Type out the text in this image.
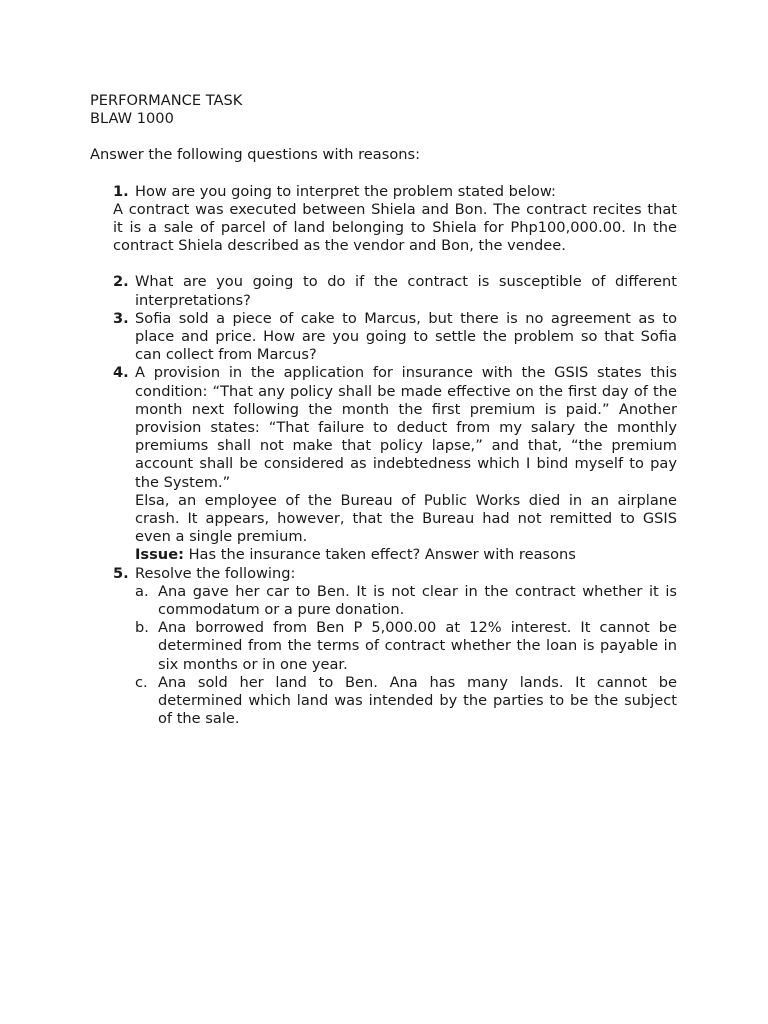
PERFORMANCE TASK
BLAW 1000
Answer the following questions with reasons:
1. How are you going to interpret the problem stated below:
A contract was executed between Shiela and Bon. The contract recites that it is a sale of parcel of land belonging to Shiela for Php100,000.00. In the contract Shiela described as the vendor and Bon, the vendee.
2. What are you going to do if the contract is susceptible of different interpretations?
3. Sofia sold a piece of cake to Marcus, but there is no agreement as to place and price. How are you going to settle the problem so that Sofia can collect from Marcus?
4. A provision in the application for insurance with the GSIS states this condition: “That any policy shall be made effective on the first day of the month next following the month the first premium is paid.” Another provision states: “That failure to deduct from my salary the monthly premiums shall not make that policy lapse,” and that, “the premium account shall be considered as indebtedness which I bind myself to pay the System.”
Elsa, an employee of the Bureau of Public Works died in an airplane crash. It appears, however, that the Bureau had not remitted to GSIS even a single premium.
Issue: Has the insurance taken effect? Answer with reasons
5. Resolve the following:
a. Ana gave her car to Ben. It is not clear in the contract whether it is commodatum or a pure donation.
b. Ana borrowed from Ben P 5,000.00 at 12% interest. It cannot be determined from the terms of contract whether the loan is payable in six months or in one year.
c. Ana sold her land to Ben. Ana has many lands. It cannot be determined which land was intended by the parties to be the subject of the sale.
